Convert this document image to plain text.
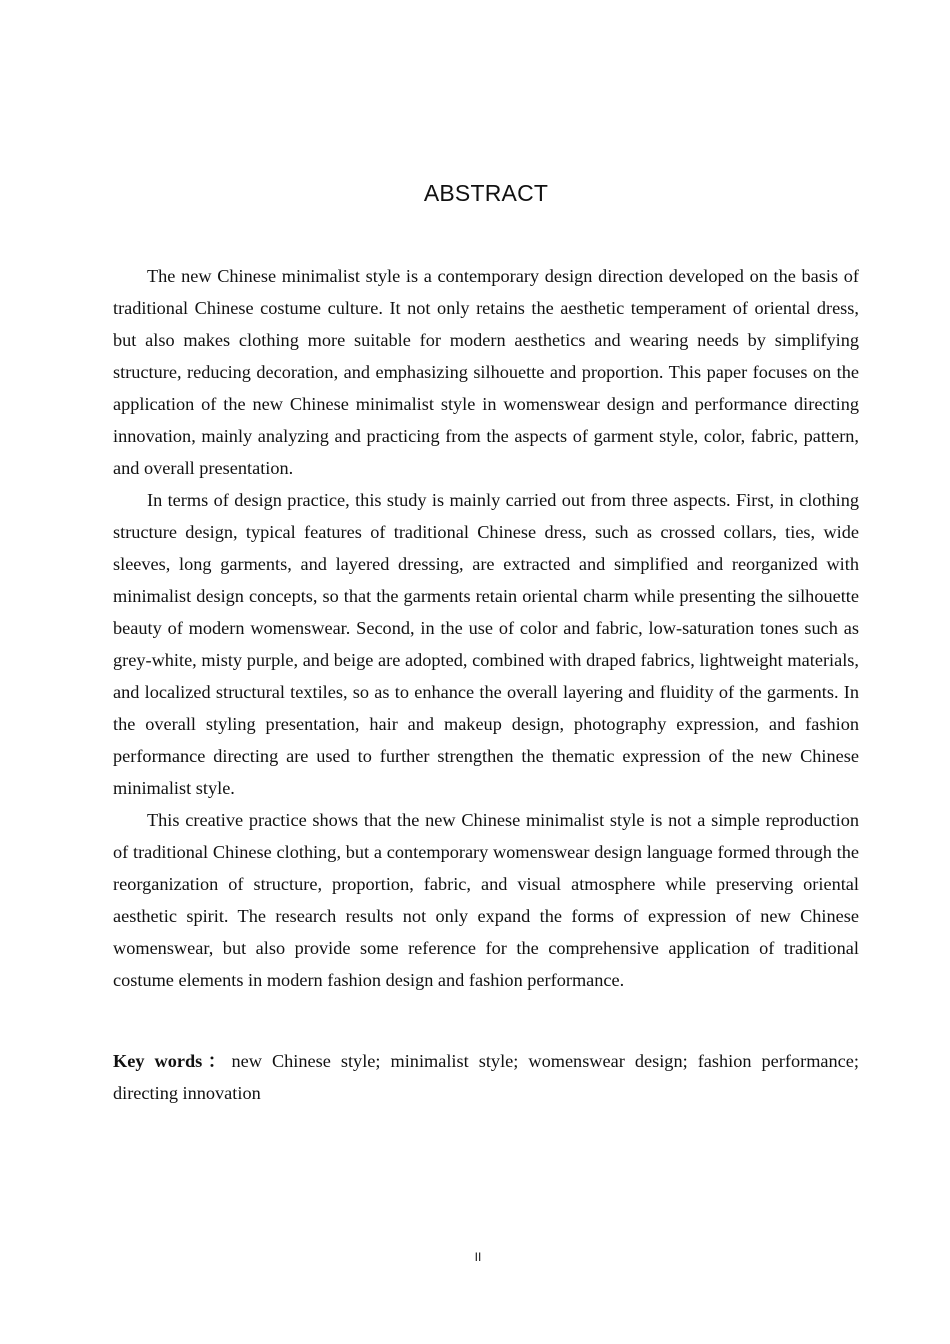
ABSTRACT

The new Chinese minimalist style is a contemporary design direction developed on the basis of traditional Chinese costume culture. It not only retains the aesthetic temperament of oriental dress, but also makes clothing more suitable for modern aesthetics and wearing needs by simplifying structure, reducing decoration, and emphasizing silhouette and proportion. This paper focuses on the application of the new Chinese minimalist style in womenswear design and performance directing innovation, mainly analyzing and practicing from the aspects of garment style, color, fabric, pattern, and overall presentation.

In terms of design practice, this study is mainly carried out from three aspects. First, in clothing structure design, typical features of traditional Chinese dress, such as crossed collars, ties, wide sleeves, long garments, and layered dressing, are extracted and simplified and reorganized with minimalist design concepts, so that the garments retain oriental charm while presenting the silhouette beauty of modern womenswear. Second, in the use of color and fabric, low-saturation tones such as grey-white, misty purple, and beige are adopted, combined with draped fabrics, lightweight materials, and localized structural textiles, so as to enhance the overall layering and fluidity of the garments. In the overall styling presentation, hair and makeup design, photography expression, and fashion performance directing are used to further strengthen the thematic expression of the new Chinese minimalist style.

This creative practice shows that the new Chinese minimalist style is not a simple reproduction of traditional Chinese clothing, but a contemporary womenswear design language formed through the reorganization of structure, proportion, fabric, and visual atmosphere while preserving oriental aesthetic spirit. The research results not only expand the forms of expression of new Chinese womenswear, but also provide some reference for the comprehensive application of traditional costume elements in modern fashion design and fashion performance.

Key words：new Chinese style; minimalist style; womenswear design; fashion performance; directing innovation

II
